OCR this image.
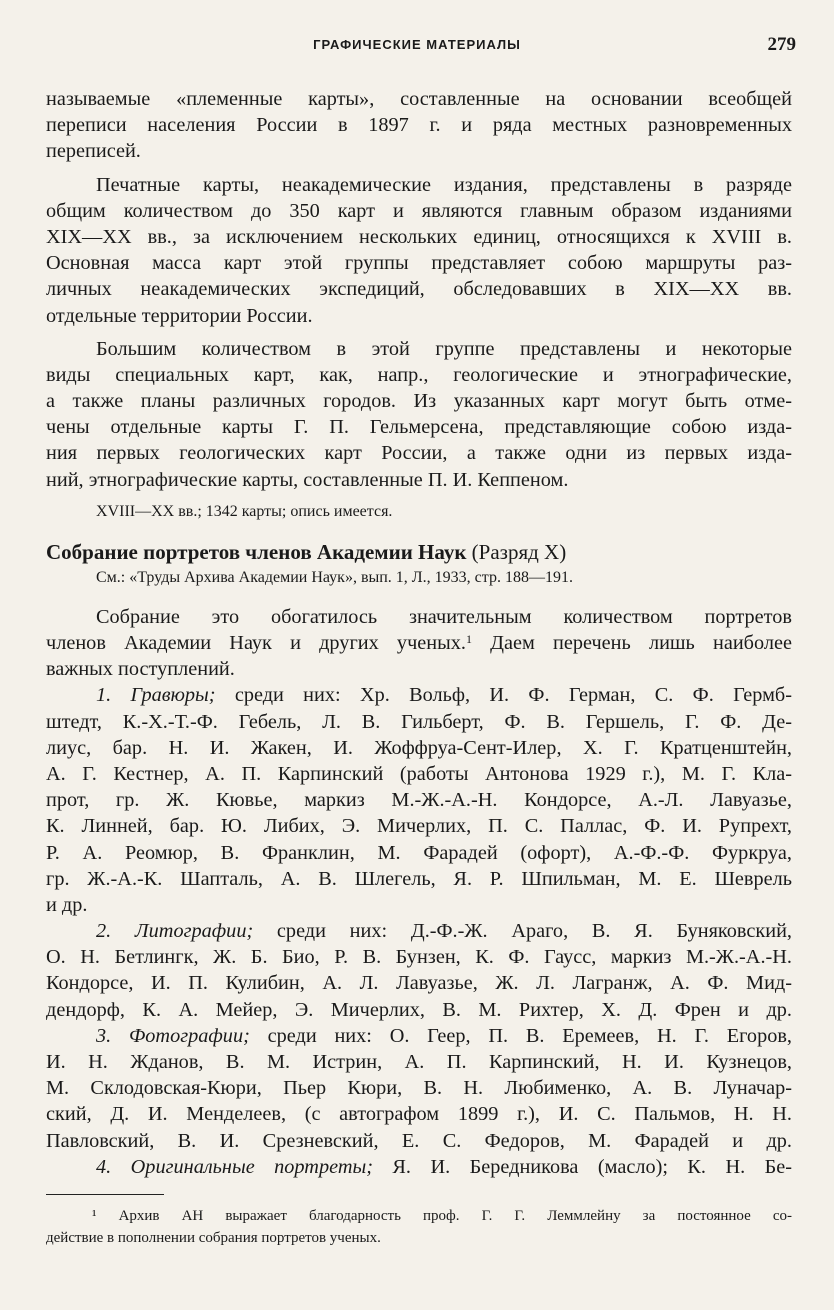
ГРАФИЧЕСКИЕ МАТЕРИАЛЫ	279
называемые «племенные карты», составленные на основании всеобщей
переписи населения России в 1897 г. и ряда местных разновременных
переписей.
Печатные карты, неакадемические издания, представлены в разряде
общим количеством до 350 карт и являются главным образом изданиями
XIX—XX вв., за исключением нескольких единиц, относящихся к XVIII в.
Основная масса карт этой группы представляет собою маршруты раз-
личных неакадемических экспедиций, обследовавших в XIX—XX вв.
отдельные территории России.
Большим количеством в этой группе представлены и некоторые
виды специальных карт, как, напр., геологические и этнографические,
а также планы различных городов. Из указанных карт могут быть отме-
чены отдельные карты Г. П. Гельмерсена, представляющие собою изда-
ния первых геологических карт России, а также одни из первых изда-
ний, этнографические карты, составленные П. И. Кеппеном.
XVIII—XX вв.; 1342 карты; опись имеется.
Собрание портретов членов Академии Наук (Разряд X)
См.: «Труды Архива Академии Наук», вып. 1, Л., 1933, стр. 188—191.
Собрание это обогатилось значительным количеством портретов
членов Академии Наук и других ученых.$^1$ Даем перечень лишь наиболее
важных поступлений.
1. Гравюры; среди них: Хр. Вольф, И. Ф. Герман, С. Ф. Гермб-
штедт, К.-Х.-Т.-Ф. Гебель, Л. В. Гильберт, Ф. В. Гершель, Г. Ф. Де-
лиус, бар. Н. И. Жакен, И. Жоффруа-Сент-Илер, Х. Г. Кратценштейн,
А. Г. Кестнер, А. П. Карпинский (работы Антонова 1929 г.), М. Г. Кла-
прот, гр. Ж. Кювье, маркиз М.-Ж.-А.-Н. Кондорсе, А.-Л. Лавуазье,
К. Линней, бар. Ю. Либих, Э. Мичерлих, П. С. Паллас, Ф. И. Рупрехт,
Р. А. Реомюр, В. Франклин, М. Фарадей (офорт), А.-Ф.-Ф. Фуркруа,
гр. Ж.-А.-К. Шапталь, А. В. Шлегель, Я. Р. Шпильман, М. Е. Шеврель
и др.
2. Литографии; среди них: Д.-Ф.-Ж. Араго, В. Я. Буняковский,
О. Н. Бетлингк, Ж. Б. Био, Р. В. Бунзен, К. Ф. Гаусс, маркиз М.-Ж.-А.-Н.
Кондорсе, И. П. Кулибин, А. Л. Лавуазье, Ж. Л. Лагранж, А. Ф. Мид-
дендорф, К. А. Мейер, Э. Мичерлих, В. М. Рихтер, Х. Д. Френ и др.
3. Фотографии; среди них: О. Геер, П. В. Еремеев, Н. Г. Егоров,
И. Н. Жданов, В. М. Истрин, А. П. Карпинский, Н. И. Кузнецов,
М. Склодовская-Кюри, Пьер Кюри, В. Н. Любименко, А. В. Луначар-
ский, Д. И. Менделеев, (с автографом 1899 г.), И. С. Пальмов, Н. Н.
Павловский, В. И. Срезневский, Е. С. Федоров, М. Фарадей и др.
4. Оригинальные портреты; Я. И. Бередникова (масло); К. Н. Бе-
¹ Архив АН выражает благодарность проф. Г. Г. Леммлейну за постоянное со-
действие в пополнении собрания портретов ученых.
